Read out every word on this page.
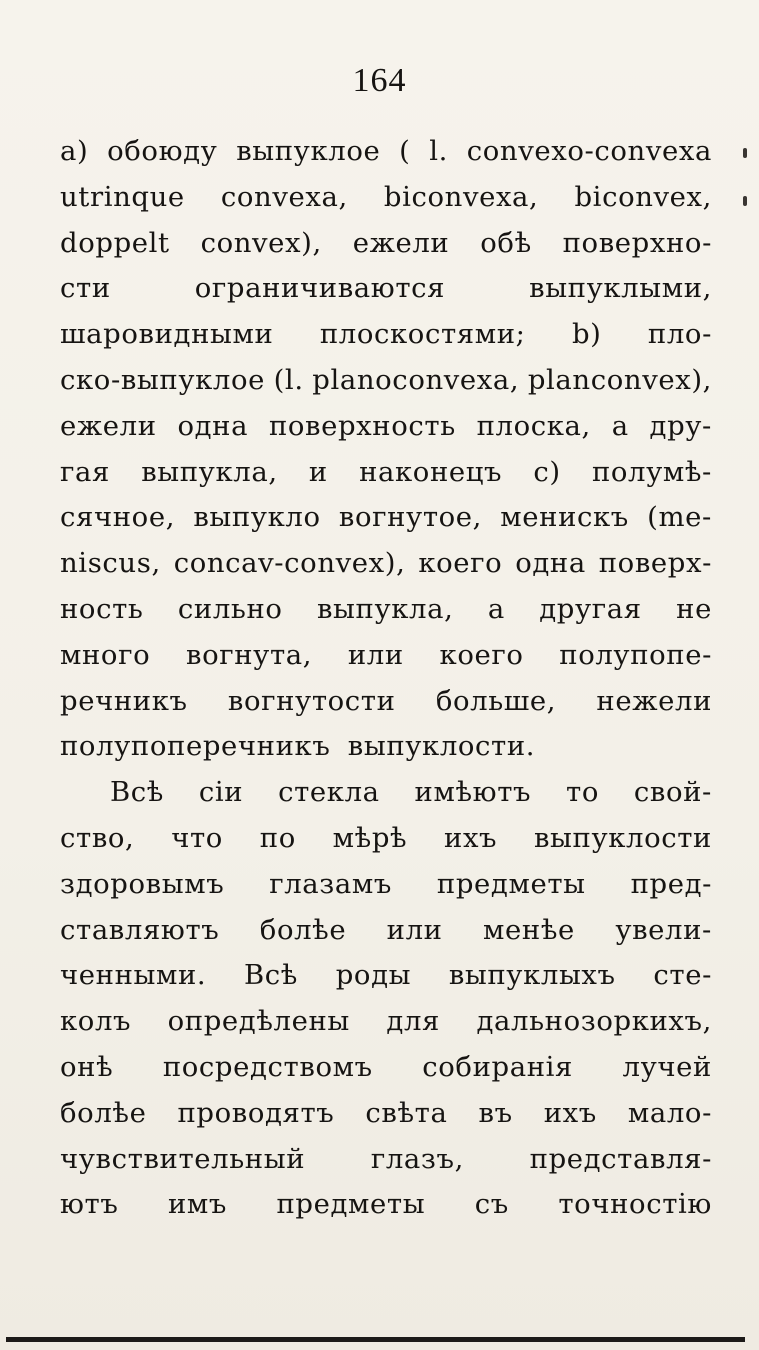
164
a) обоюду выпуклое ( l. convexo-convexa
utrinque convexa, biconvexa, biconvex,
doppelt convex), ежели обѣ поверхно-
сти	ограничиваются	выпуклыми,
шаровидными плоскостями; b) пло-
ско-выпуклое (l. planoconvexa, planconvex),
ежели одна поверхность плоска, а дру-
гая выпукла, и наконецъ с) полумѣ-
сячное, выпукло вогнутое, менискъ (me-
niscus, concav-convex), коего одна поверх-
ность сильно выпукла, а другая не
много вогнута, или коего полупопе-
речникъ вогнутости больше, нежели
полупоперечникъ выпуклости.
Всѣ сіи стекла имѣютъ то свой-
ство, что по мѣрѣ ихъ выпуклости
здоровымъ глазамъ предметы пред-
ставляютъ болѣе или менѣе увели-
ченными. Всѣ роды выпуклыхъ сте-
колъ опредѣлены для дальнозоркихъ,
онѣ посредствомъ собиранія лучей
болѣе проводятъ свѣта въ ихъ мало-
чувствительный глазъ, представля-
ютъ имъ предметы съ точностію
